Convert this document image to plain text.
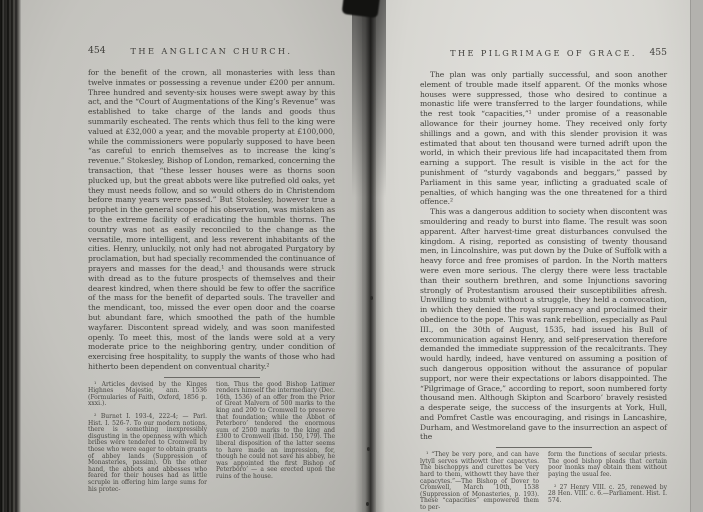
454	THE ANGLICAN CHURCH.

for the benefit of the crown, all monasteries with less than twelve inmates or possessing a revenue under £200 per annum. Three hundred and seventy-six houses were swept away by this act, and the “Court of Augmentations of the King’s Revenue” was established to take charge of the lands and goods thus summarily escheated. The rents which thus fell to the king were valued at £32,000 a year, and the movable property at £100,000, while the commissioners were popularly supposed to have been “as careful to enrich themselves as to increase the king’s revenue.” Stokesley, Bishop of London, remarked, concerning the transaction, that “these lesser houses were as thorns soon plucked up, but the great abbots were like putrefied old oaks, yet they must needs follow, and so would others do in Christendom before many years were passed.” But Stokesley, however true a prophet in the general scope of his observation, was mistaken as to the extreme facility of eradicating the humble thorns. The country was not as easily reconciled to the change as the versatile, more intelligent, and less reverent inhabitants of the cities. Henry, unluckily, not only had not abrogated Purgatory by proclamation, but had specially recommended the continuance of prayers and masses for the dead,¹ and thousands were struck with dread as to the future prospects of themselves and their dearest kindred, when there should be few to offer the sacrifice of the mass for the benefit of departed souls. The traveller and the mendicant, too, missed the ever open door and the coarse but abundant fare, which smoothed the path of the humble wayfarer. Discontent spread widely, and was soon manifested openly. To meet this, most of the lands were sold at a very moderate price to the neighboring gentry, under condition of exercising free hospitality, to supply the wants of those who had hitherto been dependent on conventual charity.²

¹ Articles devised by the Kinges Highnes Majestie, ann. 1536 (Formularies of Faith, Oxford, 1856 p. xxxi.).

² Burnet I. 193-4, 222-4; — Parl. Hist. I. 526-7. To our modern notions, there is something inexpressibly disgusting in the openness with which bribes were tendered to Cromwell by those who were eager to obtain grants of abbey lands (Suppression of Monasteries, passim). On the other hand, the abbots and abbesses who feared for their houses had as little scruple in offering him large sums for his protec-

tion. Thus the good Bishop Latimer renders himself the intermediary (Dec. 16th, 1536) of an offer from the Prior of Great Malvern of 500 marks to the king and 200 to Cromwell to preserve that foundation; while the Abbot of Peterboro’ tendered the enormous sum of 2500 marks to the king and £300 to Cromwell (Ibid. 150, 179). The liberal disposition of the latter seems to have made an impression, for, though he could not save his abbey, he was appointed the first Bishop of Peterboro’ — a see erected upon the ruins of the house.

THE PILGRIMAGE OF GRACE.	455

The plan was only partially successful, and soon another element of trouble made itself apparent. Of the monks whose houses were suppressed, those who desired to continue a monastic life were transferred to the larger foundations, while the rest took “capacities,”¹ under promise of a reasonable allowance for their journey home. They received only forty shillings and a gown, and with this slender provision it was estimated that about ten thousand were turned adrift upon the world, in which their previous life had incapacitated them from earning a support. The result is visible in the act for the punishment of “sturdy vagabonds and beggars,” passed by Parliament in this same year, inflicting a graduated scale of penalties, of which hanging was the one threatened for a third offence.²

This was a dangerous addition to society when discontent was smouldering and ready to burst into flame. The result was soon apparent. After harvest-time great disturbances convulsed the kingdom. A rising, reported as consisting of twenty thousand men, in Lincolnshire, was put down by the Duke of Suffolk with a heavy force and free promises of pardon. In the North matters were even more serious. The clergy there were less tractable than their southern brethren, and some Injunctions savoring strongly of Protestantism aroused their susceptibilities afresh. Unwilling to submit without a struggle, they held a convocation, in which they denied the royal supremacy and proclaimed their obedience to the pope. This was rank rebellion, especially as Paul III., on the 30th of August, 1535, had issued his Bull of excommunication against Henry, and self-preservation therefore demanded the immediate suppression of the recalcitrants. They would hardly, indeed, have ventured on assuming a position of such dangerous opposition without the assurance of popular support, nor were their expectations or labors disappointed. The “Pilgrimage of Grace,” according to report, soon numbered forty thousand men. Although Skipton and Scarboro’ bravely resisted a desperate seige, the success of the insurgents at York, Hull, and Pomfret Castle was encouraging, and risings in Lancashire, Durham, and Westmoreland gave to the insurrection an aspect of the

¹ “They be very pore, and can have lytyll serves withowtt ther capacytes. The bischoppys and curettes be very hard to them, withowtt they have ther capacytes.”—The Bishop of Dover to Cromwell, March 10th, 1538 (Suppression of Monasteries, p. 193). These “capacities” empowered them to per-

form the functions of secular priests. The good bishop pleads that certain poor monks may obtain them without paying the usual fee.

² 27 Henry VIII. c. 25, renewed by 28 Hen. VIII. c. 6.—Parliament. Hist. I. 574.
